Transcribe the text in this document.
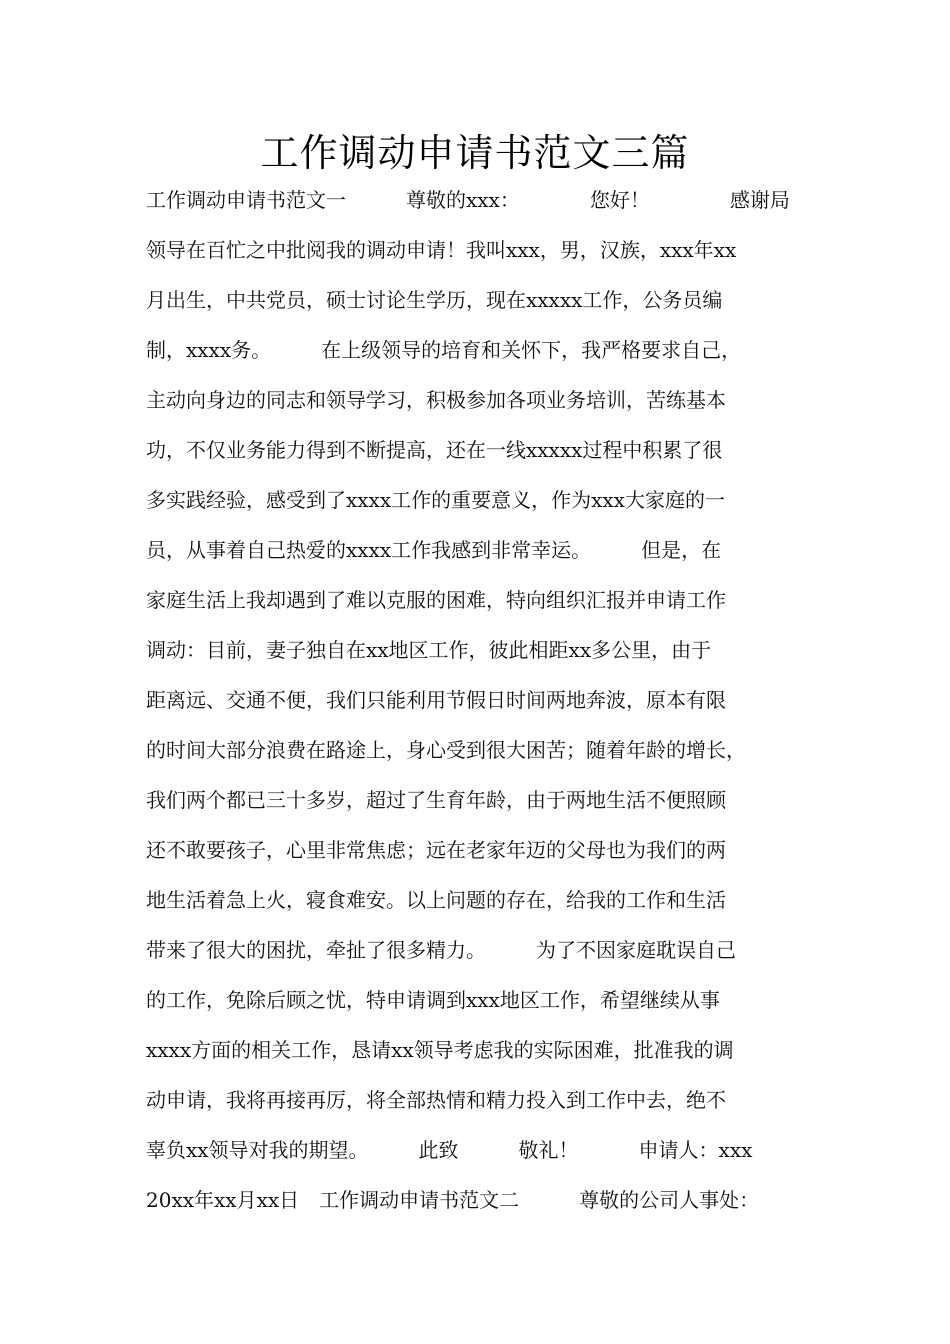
工作调动申请书范文三篇
工作调动申请书范文一　　　尊敬的xxx：　　　　您好！　　　　感谢局
领导在百忙之中批阅我的调动申请！我叫xxx，男，汉族，xxx年xx
月出生，中共党员，硕士讨论生学历，现在xxxxx工作，公务员编
制，xxxx务。　　　在上级领导的培育和关怀下，我严格要求自己，
主动向身边的同志和领导学习，积极参加各项业务培训，苦练基本
功，不仅业务能力得到不断提高，还在一线xxxxx过程中积累了很
多实践经验，感受到了xxxx工作的重要意义，作为xxx大家庭的一
员，从事着自己热爱的xxxx工作我感到非常幸运。　　　但是，在
家庭生活上我却遇到了难以克服的困难，特向组织汇报并申请工作
调动：目前，妻子独自在xx地区工作，彼此相距xx多公里，由于
距离远、交通不便，我们只能利用节假日时间两地奔波，原本有限
的时间大部分浪费在路途上，身心受到很大困苦；随着年龄的增长，
我们两个都已三十多岁，超过了生育年龄，由于两地生活不便照顾
还不敢要孩子，心里非常焦虑；远在老家年迈的父母也为我们的两
地生活着急上火，寝食难安。以上问题的存在，给我的工作和生活
带来了很大的困扰，牵扯了很多精力。　　　为了不因家庭耽误自己
的工作，免除后顾之忧，特申请调到xxx地区工作，希望继续从事
xxxx方面的相关工作，恳请xx领导考虑我的实际困难，批准我的调
动申请，我将再接再厉，将全部热情和精力投入到工作中去，绝不
辜负xx领导对我的期望。　　　此致　　　敬礼！　　　申请人：xxx
20xx年xx月xx日　工作调动申请书范文二　　　尊敬的公司人事处：
